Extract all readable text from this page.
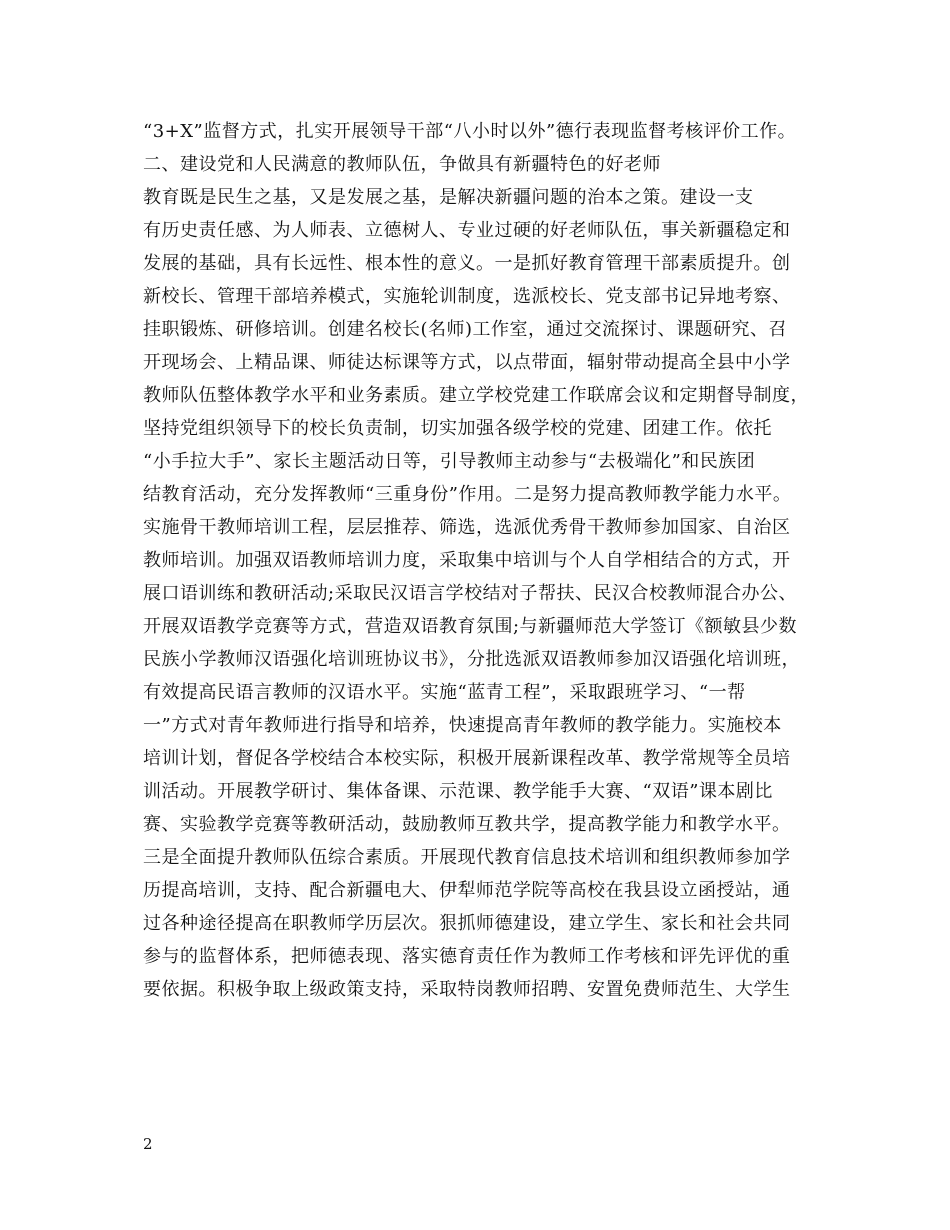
“3+X”监督方式，扎实开展领导干部“八小时以外”德行表现监督考核评价工作。
二、建设党和人民满意的教师队伍，争做具有新疆特色的好老师
教育既是民生之基，又是发展之基，是解决新疆问题的治本之策。建设一支
有历史责任感、为人师表、立德树人、专业过硬的好老师队伍，事关新疆稳定和
发展的基础，具有长远性、根本性的意义。一是抓好教育管理干部素质提升。创
新校长、管理干部培养模式，实施轮训制度，选派校长、党支部书记异地考察、
挂职锻炼、研修培训。创建名校长(名师)工作室，通过交流探讨、课题研究、召
开现场会、上精品课、师徒达标课等方式，以点带面，辐射带动提高全县中小学
教师队伍整体教学水平和业务素质。建立学校党建工作联席会议和定期督导制度，
坚持党组织领导下的校长负责制，切实加强各级学校的党建、团建工作。依托
“小手拉大手”、家长主题活动日等，引导教师主动参与“去极端化”和民族团
结教育活动，充分发挥教师“三重身份”作用。二是努力提高教师教学能力水平。
实施骨干教师培训工程，层层推荐、筛选，选派优秀骨干教师参加国家、自治区
教师培训。加强双语教师培训力度，采取集中培训与个人自学相结合的方式，开
展口语训练和教研活动;采取民汉语言学校结对子帮扶、民汉合校教师混合办公、
开展双语教学竞赛等方式，营造双语教育氛围;与新疆师范大学签订《额敏县少数
民族小学教师汉语强化培训班协议书》，分批选派双语教师参加汉语强化培训班，
有效提高民语言教师的汉语水平。实施“蓝青工程”，采取跟班学习、“一帮
一”方式对青年教师进行指导和培养，快速提高青年教师的教学能力。实施校本
培训计划，督促各学校结合本校实际，积极开展新课程改革、教学常规等全员培
训活动。开展教学研讨、集体备课、示范课、教学能手大赛、“双语”课本剧比
赛、实验教学竞赛等教研活动，鼓励教师互教共学，提高教学能力和教学水平。
三是全面提升教师队伍综合素质。开展现代教育信息技术培训和组织教师参加学
历提高培训，支持、配合新疆电大、伊犁师范学院等高校在我县设立函授站，通
过各种途径提高在职教师学历层次。狠抓师德建设，建立学生、家长和社会共同
参与的监督体系，把师德表现、落实德育责任作为教师工作考核和评先评优的重
要依据。积极争取上级政策支持，采取特岗教师招聘、安置免费师范生、大学生
2
